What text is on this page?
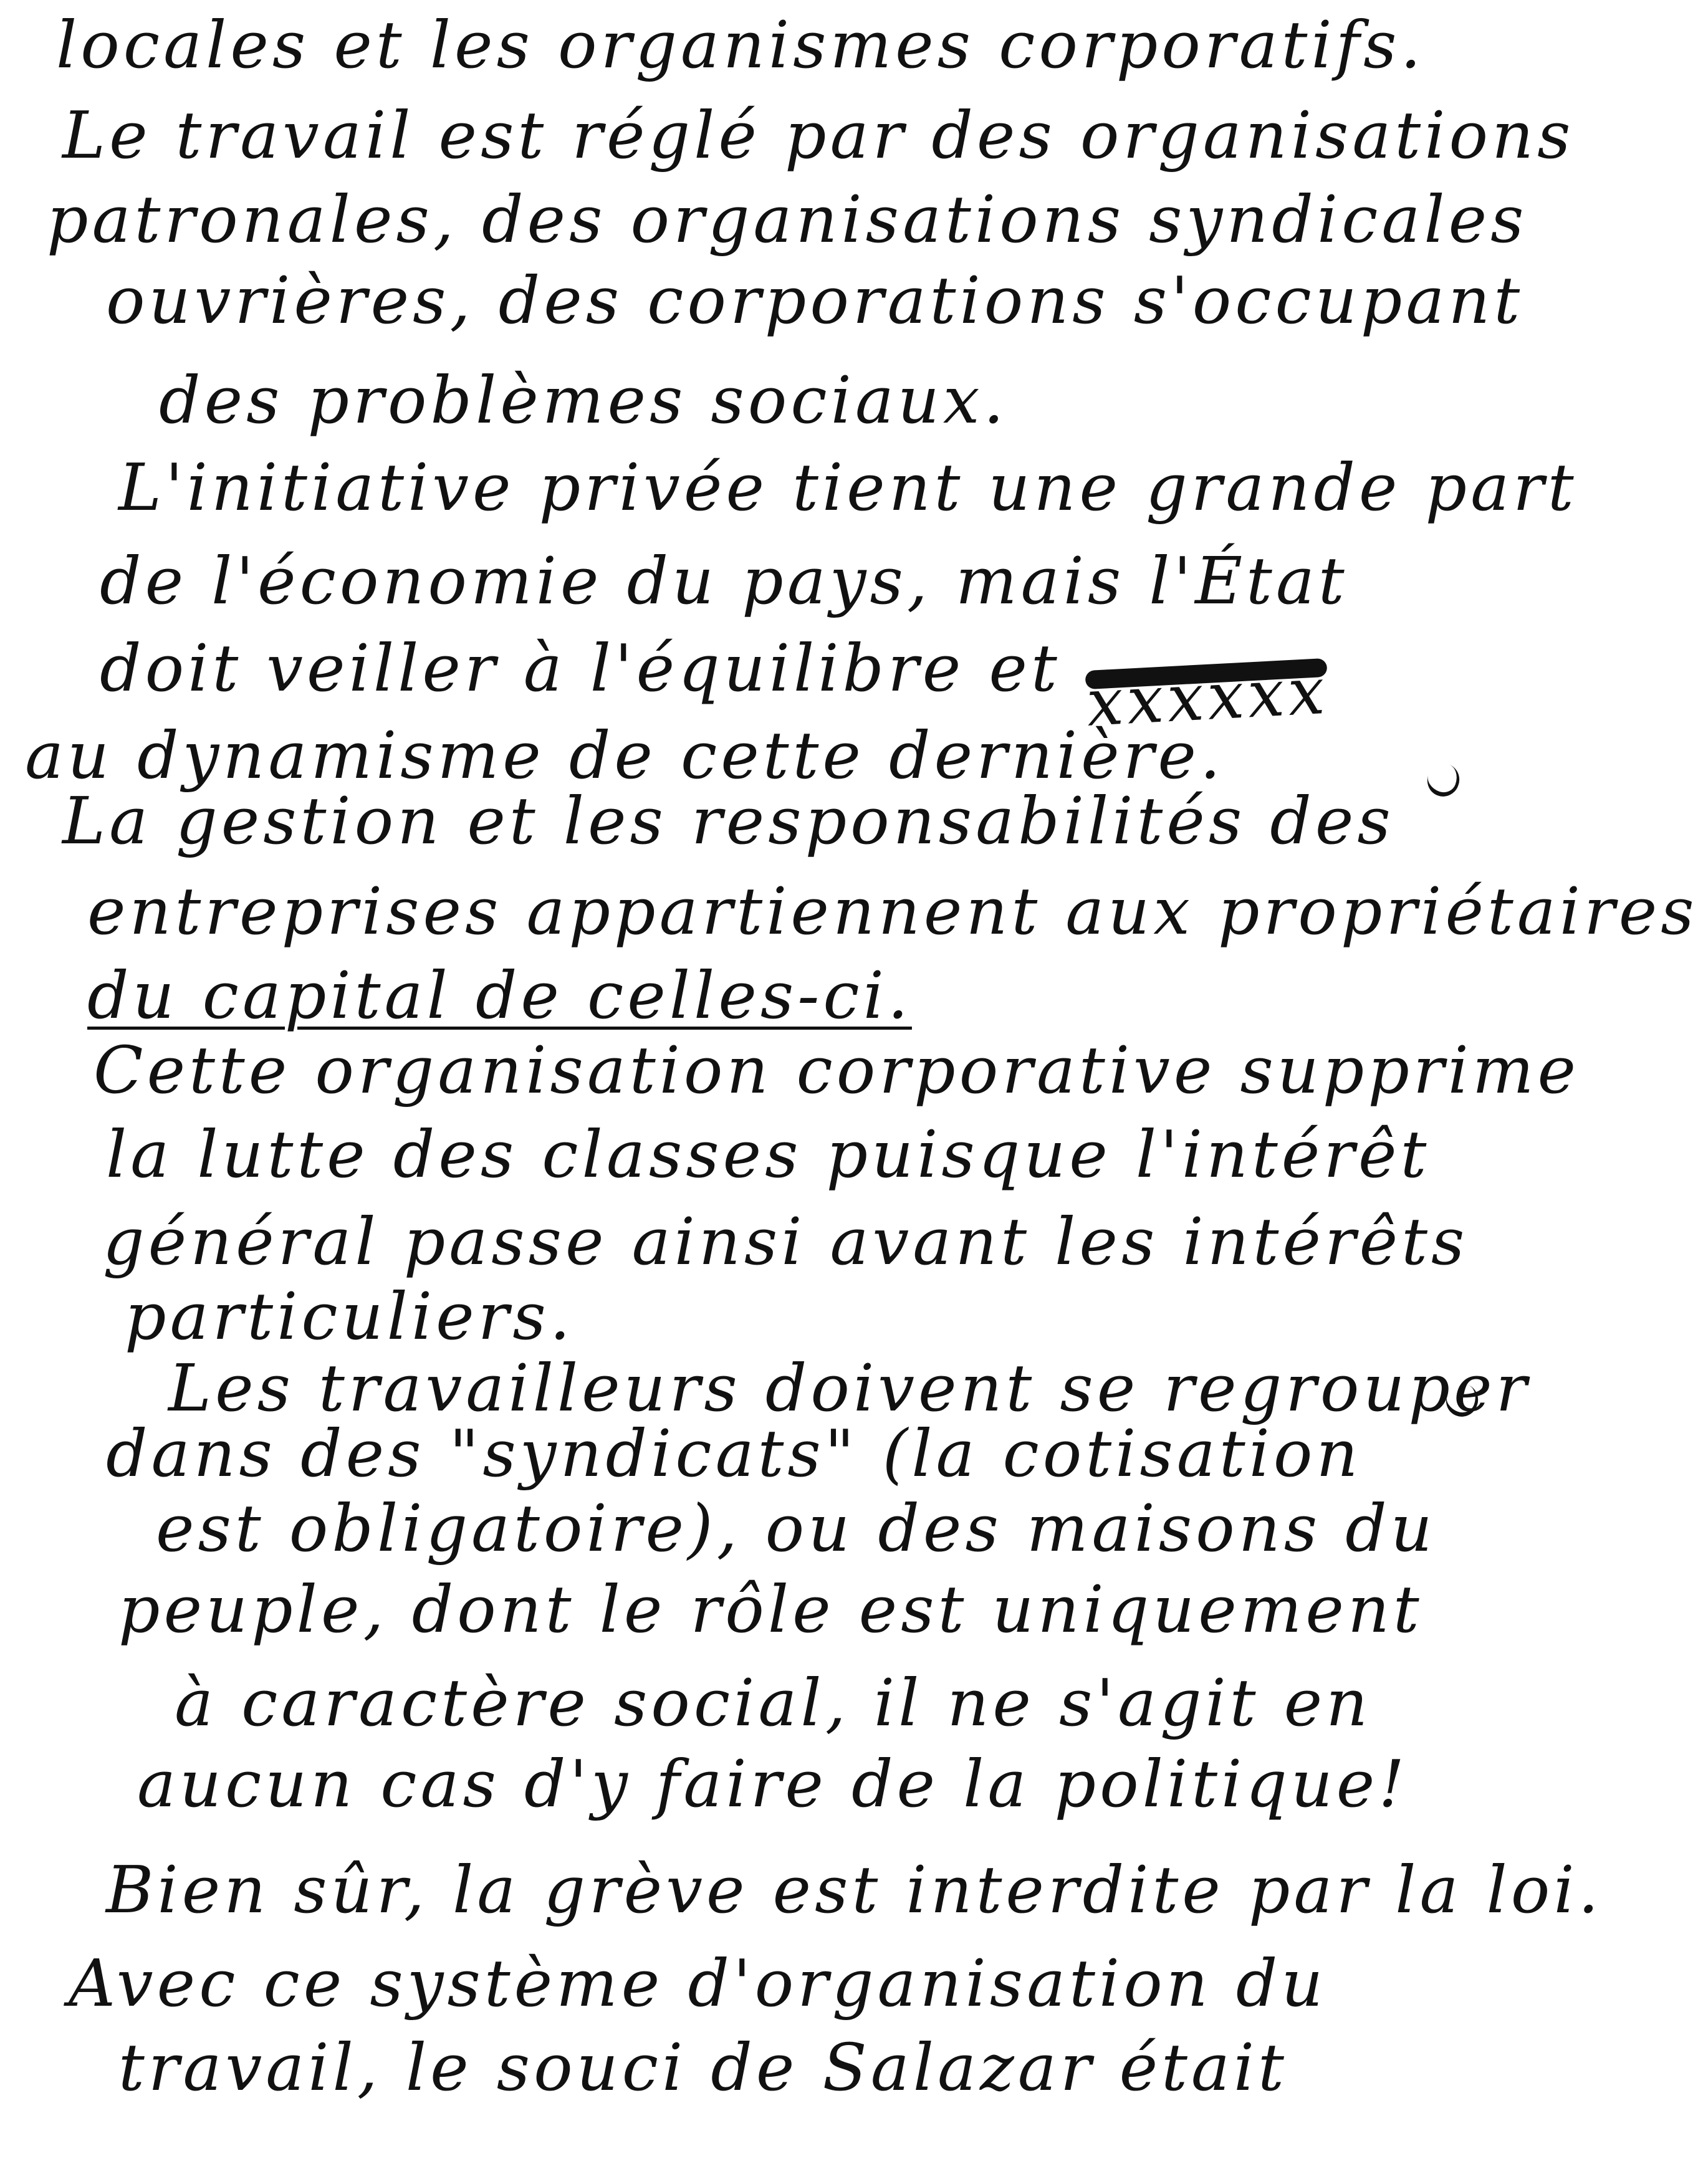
locales et les organismes corporatifs.
Le travail est réglé par des organisations
patronales, des organisations syndicales
ouvrières, des corporations s'occupant
des problèmes sociaux.
L'initiative privée tient une grande part
de l'économie du pays, mais l'État
doit veiller à l'équilibre et xxxxxx
au dynamisme de cette dernière.
La gestion et les responsabilités des
entreprises appartiennent aux propriétaires
du capital de celles-ci.
Cette organisation corporative supprime
la lutte des classes puisque l'intérêt
général passe ainsi avant les intérêts
particuliers.
Les travailleurs doivent se regrouper
dans des "syndicats" (la cotisation
est obligatoire), ou des maisons du
peuple, dont le rôle est uniquement
à caractère social, il ne s'agit en
aucun cas d'y faire de la politique!
Bien sûr, la grève est interdite par la loi.
Avec ce système d'organisation du
travail, le souci de Salazar était
